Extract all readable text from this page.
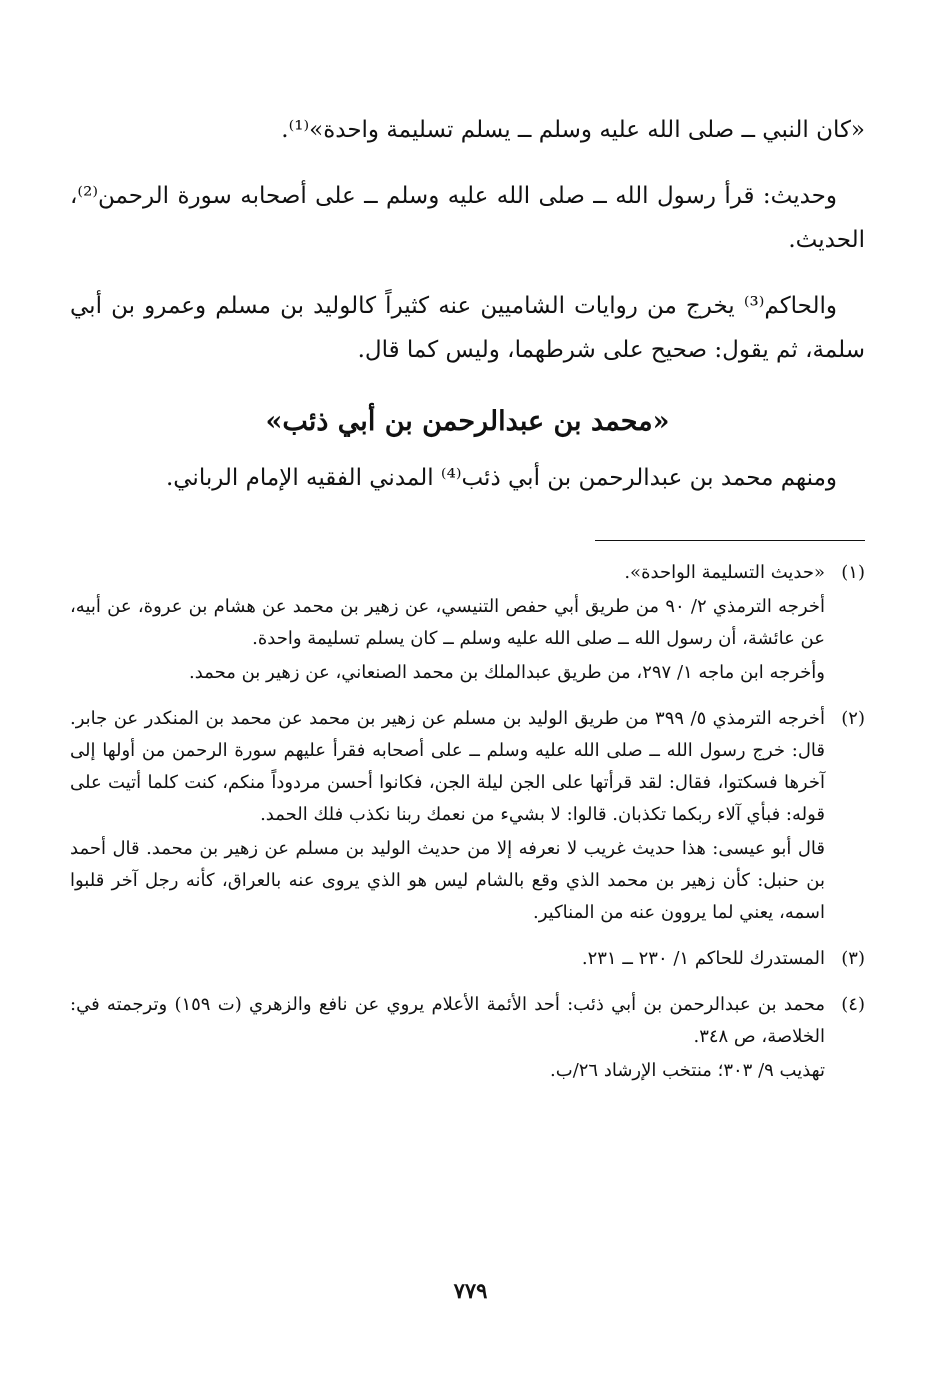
«كان النبي ــ صلى الله عليه وسلم ــ يسلم تسليمة واحدة»⁽¹⁾.

وحديث: قرأ رسول الله ــ صلى الله عليه وسلم ــ على أصحابه سورة الرحمن⁽²⁾، الحديث.

والحاكم⁽³⁾ يخرج من روايات الشاميين عنه كثيراً كالوليد بن مسلم وعمرو بن أبي سلمة، ثم يقول: صحيح على شرطهما، وليس كما قال.

«محمد بن عبدالرحمن بن أبي ذئب»

ومنهم محمد بن عبدالرحمن بن أبي ذئب⁽⁴⁾ المدني الفقيه الإمام الرباني.

(١)

«حديث التسليمة الواحدة».

أخرجه الترمذي ٢/ ٩٠ من طريق أبي حفص التنيسي، عن زهير بن محمد عن هشام بن عروة، عن أبيه، عن عائشة، أن رسول الله ــ صلى الله عليه وسلم ــ كان يسلم تسليمة واحدة.

وأخرجه ابن ماجه ١/ ٢٩٧، من طريق عبدالملك بن محمد الصنعاني، عن زهير بن محمد.

(٢)

أخرجه الترمذي ٥/ ٣٩٩ من طريق الوليد بن مسلم عن زهير بن محمد عن محمد بن المنكدر عن جابر. قال: خرج رسول الله ــ صلى الله عليه وسلم ــ على أصحابه فقرأ عليهم سورة الرحمن من أولها إلى آخرها فسكتوا، فقال: لقد قرأتها على الجن ليلة الجن، فكانوا أحسن مردوداً منكم، كنت كلما أتيت على قوله: فبأي آلاء ربكما تكذبان. قالوا: لا بشيء من نعمك ربنا نكذب فلك الحمد.

قال أبو عيسى: هذا حديث غريب لا نعرفه إلا من حديث الوليد بن مسلم عن زهير بن محمد. قال أحمد بن حنبل: كأن زهير بن محمد الذي وقع بالشام ليس هو الذي يروى عنه بالعراق، كأنه رجل آخر قلبوا اسمه، يعني لما يروون عنه من المناكير.

(٣)

المستدرك للحاكم ١/ ٢٣٠ ــ ٢٣١.

(٤)

محمد بن عبدالرحمن بن أبي ذئب: أحد الأئمة الأعلام يروي عن نافع والزهري (ت ١٥٩) وترجمته في: الخلاصة، ص ٣٤٨.

تهذيب ٩/ ٣٠٣؛ منتخب الإرشاد ٢٦/ب.

٧٧٩
